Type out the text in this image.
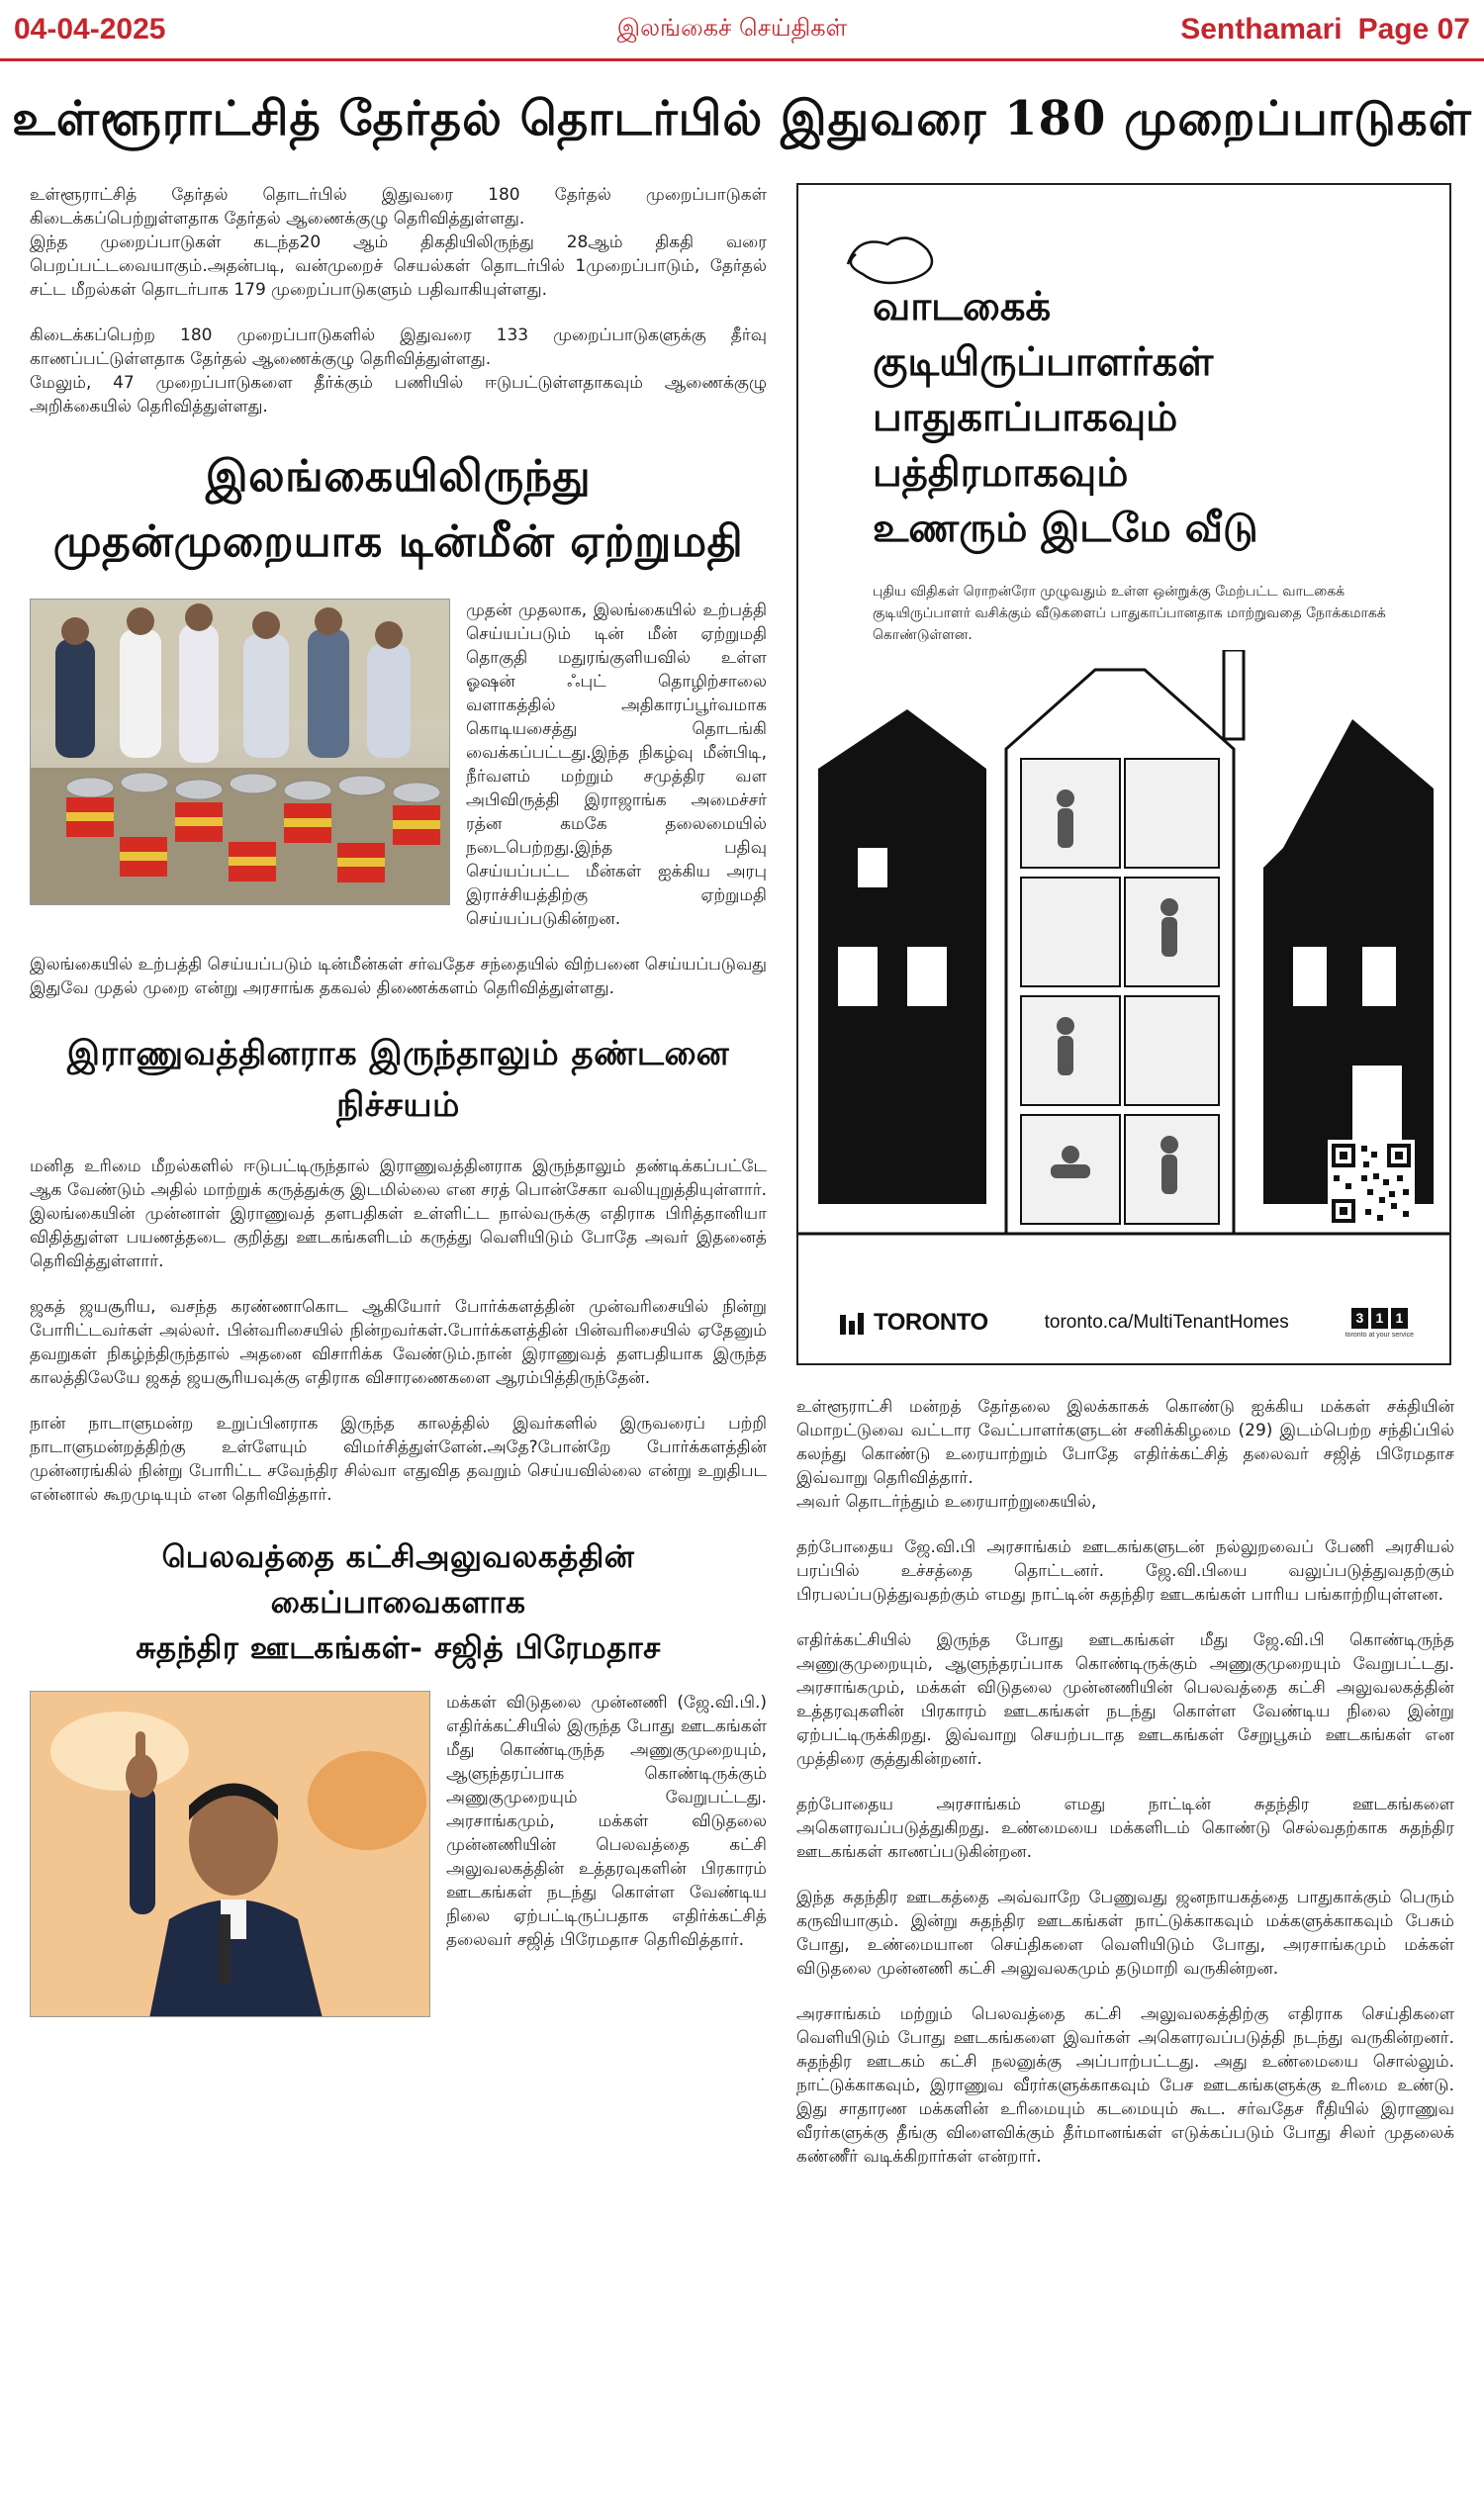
04-04-2025	இலங்கைச் செய்திகள்	Senthamari Page 07
உள்ளூராட்சித் தேர்தல் தொடர்பில் இதுவரை 180 முறைப்பாடுகள்

உள்ளூராட்சித் தேர்தல் தொடர்பில் இதுவரை 180 தேர்தல் முறைப்பாடுகள் கிடைக்கப்பெற்றுள்ளதாக தேர்தல் ஆணைக்குழு தெரிவித்துள்ளது.

இந்த முறைப்பாடுகள் கடந்த20 ஆம் திகதியிலிருந்து 28ஆம் திகதி வரை பெறப்பட்டவையாகும்.அதன்படி, வன்முறைச் செயல்கள் தொடர்பில் 1முறைப்பாடும், தேர்தல் சட்ட மீறல்கள் தொடர்பாக 179 முறைப்பாடுகளும் பதிவாகியுள்ளது.

கிடைக்கப்பெற்ற 180 முறைப்பாடுகளில் இதுவரை 133 முறைப்பாடுகளுக்கு தீர்வு காணப்பட்டுள்ளதாக தேர்தல் ஆணைக்குழு தெரிவித்துள்ளது.

மேலும், 47 முறைப்பாடுகளை தீர்க்கும் பணியில் ஈடுபட்டுள்ளதாகவும் ஆணைக்குழு அறிக்கையில் தெரிவித்துள்ளது.

இலங்கையிலிருந்து
முதன்முறையாக டின்மீன் ஏற்றுமதி

முதன் முதலாக, இலங்கையில் உற்பத்தி செய்யப்படும் டின் மீன் ஏற்றுமதி தொகுதி மதுரங்குளியவில் உள்ள ஓஷன் ஃபுட் தொழிற்சாலை வளாகத்தில் அதிகாரப்பூர்வமாக கொடியசைத்து தொடங்கி வைக்கப்பட்டது.இந்த நிகழ்வு மீன்பிடி, நீர்வளம் மற்றும் சமுத்திர வள அபிவிருத்தி இராஜாங்க அமைச்சர் ரத்ன கமகே தலைமையில் நடைபெற்றது.இந்த பதிவு செய்யப்பட்ட மீன்கள் ஐக்கிய அரபு இராச்சியத்திற்கு ஏற்றுமதி செய்யப்படுகின்றன.

இலங்கையில் உற்பத்தி செய்யப்படும் டின்மீன்கள் சர்வதேச சந்தையில் விற்பனை செய்யப்படுவது இதுவே முதல் முறை என்று அரசாங்க தகவல் திணைக்களம் தெரிவித்துள்ளது.

இராணுவத்தினராக இருந்தாலும் தண்டனை நிச்சயம்

மனித உரிமை மீறல்களில் ஈடுபட்டிருந்தால் இராணுவத்தினராக இருந்தாலும் தண்டிக்கப்பட்டே ஆக வேண்டும் அதில் மாற்றுக் கருத்துக்கு இடமில்லை என சரத் பொன்சேகா வலியுறுத்தியுள்ளார். இலங்கையின் முன்னாள் இராணுவத் தளபதிகள் உள்ளிட்ட நால்வருக்கு எதிராக பிரித்தானியா விதித்துள்ள பயணத்தடை குறித்து ஊடகங்களிடம் கருத்து வெளியிடும் போதே அவர் இதனைத் தெரிவித்துள்ளார்.

ஜகத் ஜயசூரிய, வசந்த கரண்ணாகொட ஆகியோர் போர்க்களத்தின் முன்வரிசையில் நின்று போரிட்டவர்கள் அல்லர். பின்வரிசையில் நின்றவர்கள்.போர்க்களத்தின் பின்வரிசையில் ஏதேனும் தவறுகள் நிகழ்ந்திருந்தால் அதனை விசாரிக்க வேண்டும்.நான் இராணுவத் தளபதியாக இருந்த காலத்திலேயே ஜகத் ஜயசூரியவுக்கு எதிராக விசாரணைகளை ஆரம்பித்திருந்தேன்.

நான் நாடாளுமன்ற உறுப்பினராக இருந்த காலத்தில் இவர்களில் இருவரைப் பற்றி நாடாளுமன்றத்திற்கு உள்ளேயும் விமர்சித்துள்ளேன்.அதே?போன்றே போர்க்களத்தின் முன்னரங்கில் நின்று போரிட்ட சவேந்திர சில்வா எதுவித தவறும் செய்யவில்லை என்று உறுதிபட என்னால் கூறமுடியும் என தெரிவித்தார்.

பெலவத்தை கட்சிஅலுவலகத்தின் கைப்பாவைகளாக
சுதந்திர ஊடகங்கள்- சஜித் பிரேமதாச

மக்கள் விடுதலை முன்னணி (ஜே.வி.பி.) எதிர்க்கட்சியில் இருந்த போது ஊடகங்கள் மீது கொண்டிருந்த அணுகுமுறையும், ஆளுந்தரப்பாக கொண்டிருக்கும் அணுகுமுறையும் வேறுபட்டது. அரசாங்கமும், மக்கள் விடுதலை முன்னணியின் பெலவத்தை கட்சி அலுவலகத்தின் உத்தரவுகளின் பிரகாரம் ஊடகங்கள் நடந்து கொள்ள வேண்டிய நிலை ஏற்பட்டிருப்பதாக எதிர்க்கட்சித் தலைவர் சஜித் பிரேமதாச தெரிவித்தார்.

வாடகைக்
குடியிருப்பாளர்கள்
பாதுகாப்பாகவும்
பத்திரமாகவும்
உணரும் இடமே வீடு
புதிய விதிகள் ரொறன்ரோ முழுவதும் உள்ள ஒன்றுக்கு மேற்பட்ட வாடகைக் குடியிருப்பாளர் வசிக்கும் வீடுகளைப் பாதுகாப்பானதாக மாற்றுவதை நோக்கமாகக் கொண்டுள்ளன.
TORONTO	toronto.ca/MultiTenantHomes	3 1 1
toronto at your service

உள்ளூராட்சி மன்றத் தேர்தலை இலக்காகக் கொண்டு ஐக்கிய மக்கள் சக்தியின் மொறட்டுவை வட்டார வேட்பாளர்களுடன் சனிக்கிழமை (29) இடம்பெற்ற சந்திப்பில் கலந்து கொண்டு உரையாற்றும் போதே எதிர்க்கட்சித் தலைவர் சஜித் பிரேமதாச இவ்வாறு தெரிவித்தார்.

அவர் தொடர்ந்தும் உரையாற்றுகையில்,

தற்போதைய ஜே.வி.பி அரசாங்கம் ஊடகங்களுடன் நல்லுறவைப் பேணி அரசியல் பரப்பில் உச்சத்தை தொட்டனர். ஜே.வி.பியை வலுப்படுத்துவதற்கும் பிரபலப்படுத்துவதற்கும் எமது நாட்டின் சுதந்திர ஊடகங்கள் பாரிய பங்காற்றியுள்ளன.

எதிர்க்கட்சியில் இருந்த போது ஊடகங்கள் மீது ஜே.வி.பி கொண்டிருந்த அணுகுமுறையும், ஆளுந்தரப்பாக கொண்டிருக்கும் அணுகுமுறையும் வேறுபட்டது. அரசாங்கமும், மக்கள் விடுதலை முன்னணியின் பெலவத்தை கட்சி அலுவலகத்தின் உத்தரவுகளின் பிரகாரம் ஊடகங்கள் நடந்து கொள்ள வேண்டிய நிலை இன்று ஏற்பட்டிருக்கிறது. இவ்வாறு செயற்படாத ஊடகங்கள் சேறுபூசும் ஊடகங்கள் என முத்திரை குத்துகின்றனர்.

தற்போதைய அரசாங்கம் எமது நாட்டின் சுதந்திர ஊடகங்களை அகௌரவப்படுத்துகிறது. உண்மையை மக்களிடம் கொண்டு செல்வதற்காக சுதந்திர ஊடகங்கள் காணப்படுகின்றன.

இந்த சுதந்திர ஊடகத்தை அவ்வாறே பேணுவது ஜனநாயகத்தை பாதுகாக்கும் பெரும் கருவியாகும். இன்று சுதந்திர ஊடகங்கள் நாட்டுக்காகவும் மக்களுக்காகவும் பேசும் போது, உண்மையான செய்திகளை வெளியிடும் போது, அரசாங்கமும் மக்கள் விடுதலை முன்னணி கட்சி அலுவலகமும் தடுமாறி வருகின்றன.

அரசாங்கம் மற்றும் பெலவத்தை கட்சி அலுவலகத்திற்கு எதிராக செய்திகளை வெளியிடும் போது ஊடகங்களை இவர்கள் அகௌரவப்படுத்தி நடந்து வருகின்றனர். சுதந்திர ஊடகம் கட்சி நலனுக்கு அப்பாற்பட்டது. அது உண்மையை சொல்லும். நாட்டுக்காகவும், இராணுவ வீரர்களுக்காகவும் பேச ஊடகங்களுக்கு உரிமை உண்டு. இது சாதாரண மக்களின் உரிமையும் கடமையும் கூட. சர்வதேச ரீதியில் இராணுவ வீரர்களுக்கு தீங்கு விளைவிக்கும் தீர்மானங்கள் எடுக்கப்படும் போது சிலர் முதலைக் கண்ணீர் வடிக்கிறார்கள் என்றார்.
